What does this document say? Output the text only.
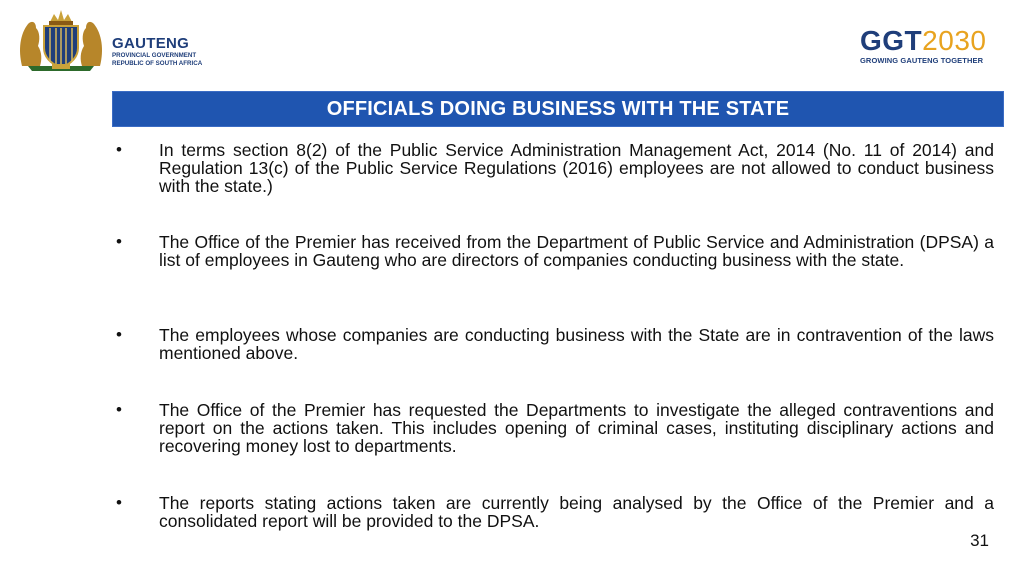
GAUTENG
PROVINCIAL GOVERNMENT
REPUBLIC OF SOUTH AFRICA
GGT2030
GROWING GAUTENG TOGETHER
OFFICIALS DOING BUSINESS WITH THE STATE
• In terms section 8(2) of the Public Service Administration Management Act, 2014 (No. 11 of 2014) and Regulation 13(c) of the Public Service Regulations (2016) employees are not allowed to conduct business with the state.)
• The Office of the Premier has received from the Department of Public Service and Administration (DPSA) a list of employees in Gauteng who are directors of companies conducting business with the state.
• The employees whose companies are conducting business with the State are in contravention of the laws mentioned above.
• The Office of the Premier has requested the Departments to investigate the alleged contraventions and report on the actions taken. This includes opening of criminal cases, instituting disciplinary actions and recovering money lost to departments.
• The reports stating actions taken are currently being analysed by the Office of the Premier and a consolidated report will be provided to the DPSA.
31
